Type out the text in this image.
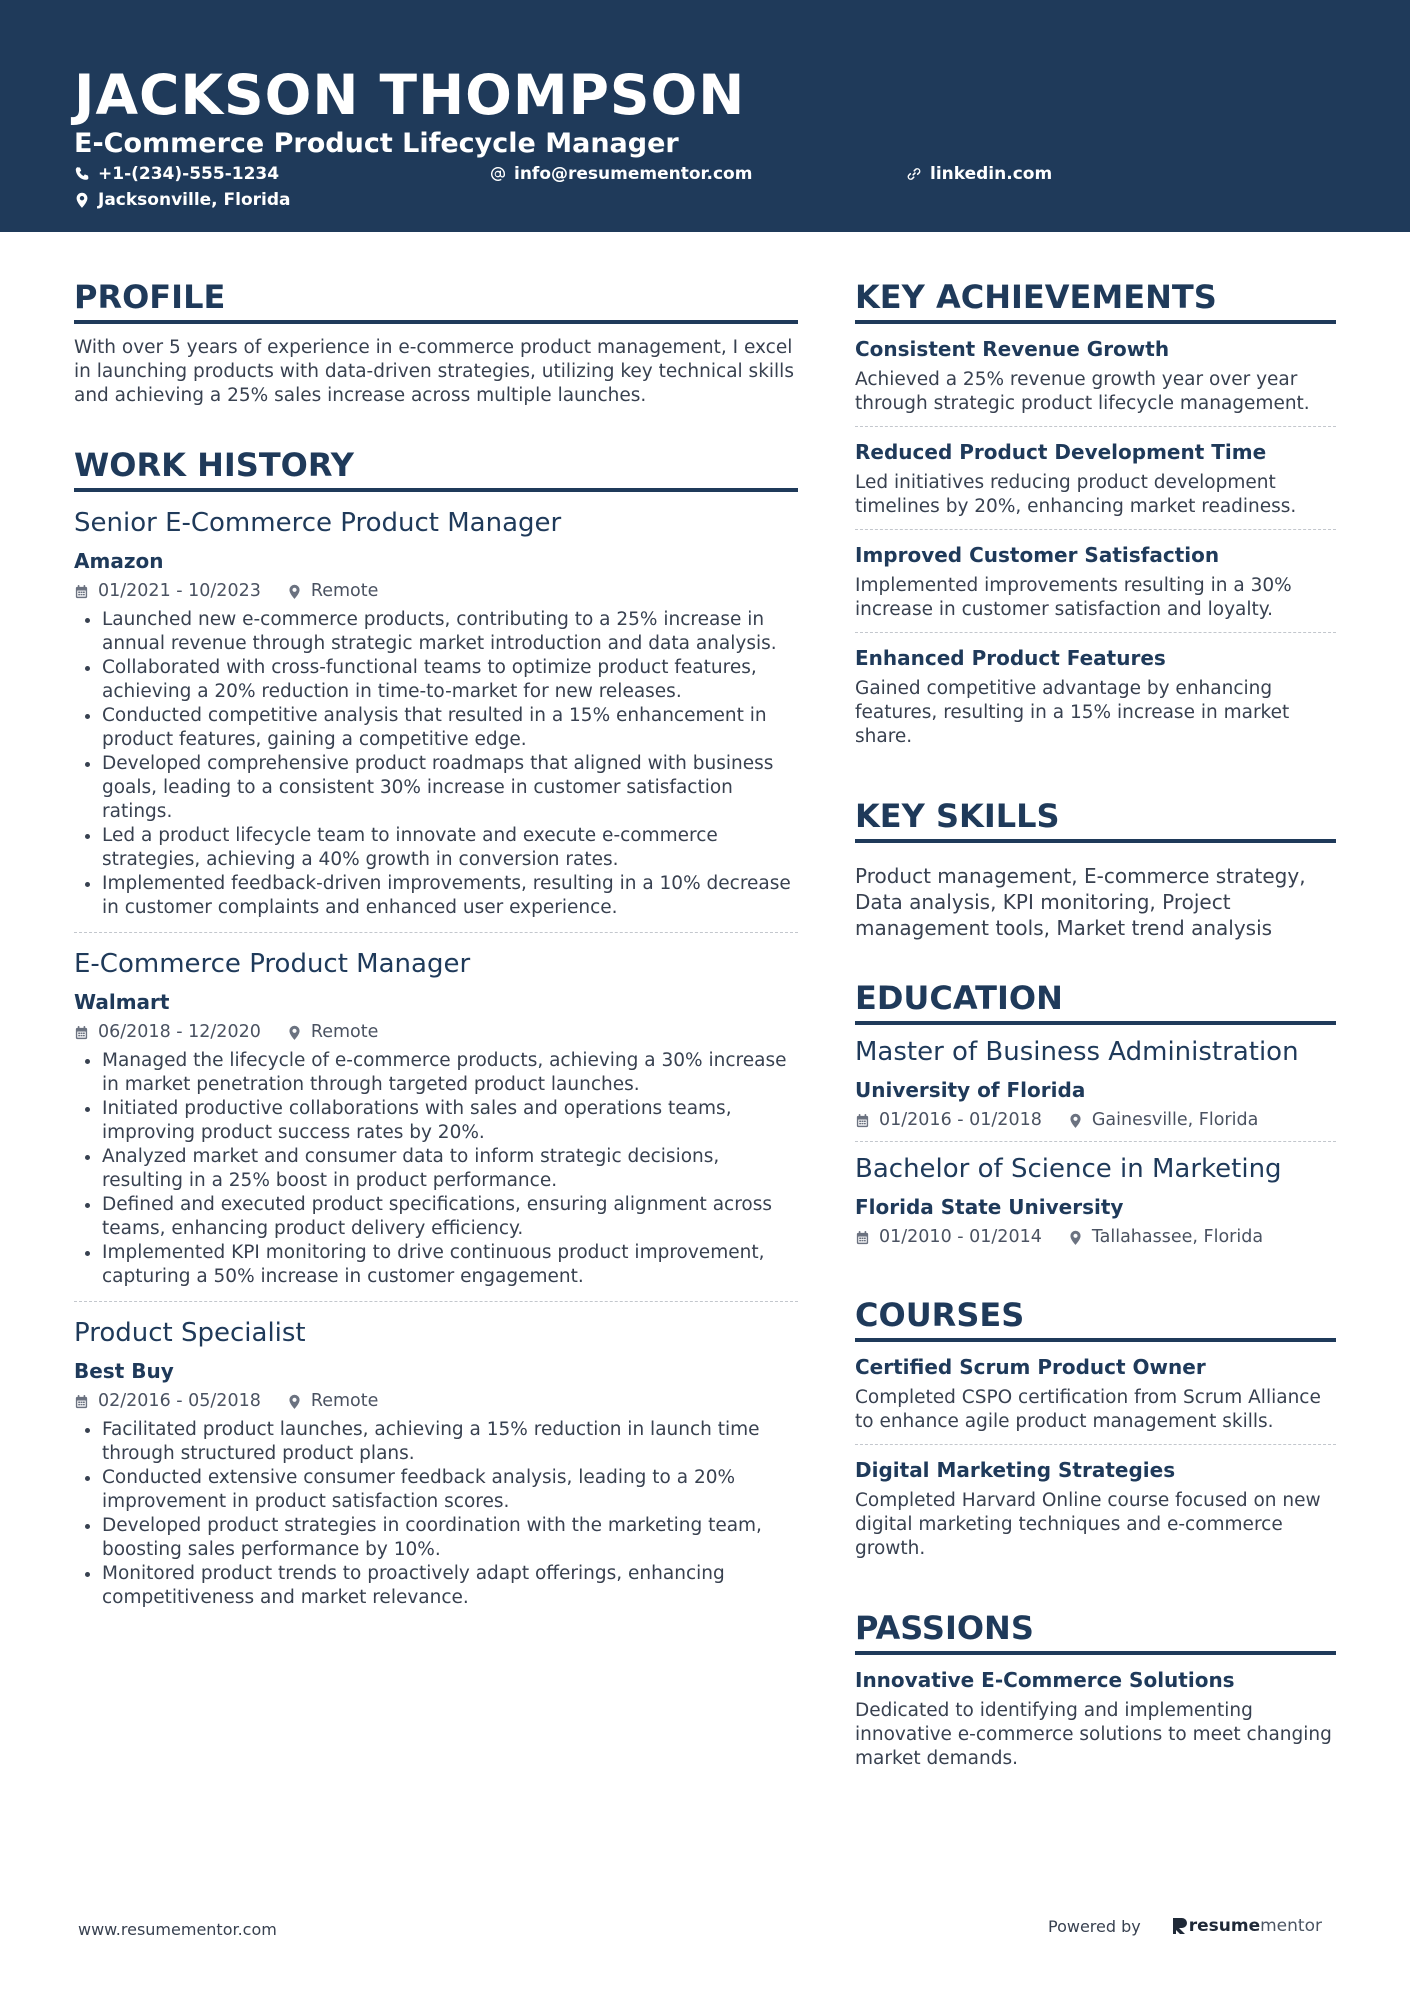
JACKSON THOMPSON
E-Commerce Product Lifecycle Manager
+1-(234)-555-1234	info@resumementor.com	linkedin.com
Jacksonville, Florida
PROFILE

With over 5 years of experience in e-commerce product management, I excel in launching products with data-driven strategies, utilizing key technical skills and achieving a 25% sales increase across multiple launches.

WORK HISTORY
Senior E-Commerce Product Manager
Amazon
01/2021 - 10/2023	Remote
• Launched new e-commerce products, contributing to a 25% increase in annual revenue through strategic market introduction and data analysis.
• Collaborated with cross-functional teams to optimize product features, achieving a 20% reduction in time-to-market for new releases.
• Conducted competitive analysis that resulted in a 15% enhancement in product features, gaining a competitive edge.
• Developed comprehensive product roadmaps that aligned with business goals, leading to a consistent 30% increase in customer satisfaction ratings.
• Led a product lifecycle team to innovate and execute e-commerce strategies, achieving a 40% growth in conversion rates.
• Implemented feedback-driven improvements, resulting in a 10% decrease in customer complaints and enhanced user experience.
E-Commerce Product Manager
Walmart
06/2018 - 12/2020	Remote
• Managed the lifecycle of e-commerce products, achieving a 30% increase in market penetration through targeted product launches.
• Initiated productive collaborations with sales and operations teams, improving product success rates by 20%.
• Analyzed market and consumer data to inform strategic decisions, resulting in a 25% boost in product performance.
• Defined and executed product specifications, ensuring alignment across teams, enhancing product delivery efficiency.
• Implemented KPI monitoring to drive continuous product improvement, capturing a 50% increase in customer engagement.
Product Specialist
Best Buy
02/2016 - 05/2018	Remote
• Facilitated product launches, achieving a 15% reduction in launch time through structured product plans.
• Conducted extensive consumer feedback analysis, leading to a 20% improvement in product satisfaction scores.
• Developed product strategies in coordination with the marketing team, boosting sales performance by 10%.
• Monitored product trends to proactively adapt offerings, enhancing competitiveness and market relevance.
KEY ACHIEVEMENTS
Consistent Revenue Growth
Achieved a 25% revenue growth year over year through strategic product lifecycle management.
Reduced Product Development Time
Led initiatives reducing product development timelines by 20%, enhancing market readiness.
Improved Customer Satisfaction
Implemented improvements resulting in a 30% increase in customer satisfaction and loyalty.
Enhanced Product Features
Gained competitive advantage by enhancing features, resulting in a 15% increase in market share.
KEY SKILLS
Product management, E-commerce strategy, Data analysis, KPI monitoring, Project management tools, Market trend analysis
EDUCATION
Master of Business Administration
University of Florida
01/2016 - 01/2018	Gainesville, Florida
Bachelor of Science in Marketing
Florida State University
01/2010 - 01/2014	Tallahassee, Florida
COURSES
Certified Scrum Product Owner
Completed CSPO certification from Scrum Alliance to enhance agile product management skills.
Digital Marketing Strategies
Completed Harvard Online course focused on new digital marketing techniques and e-commerce growth.
PASSIONS
Innovative E-Commerce Solutions
Dedicated to identifying and implementing innovative e-commerce solutions to meet changing market demands.
www.resumementor.com	Powered by	resume mentor
